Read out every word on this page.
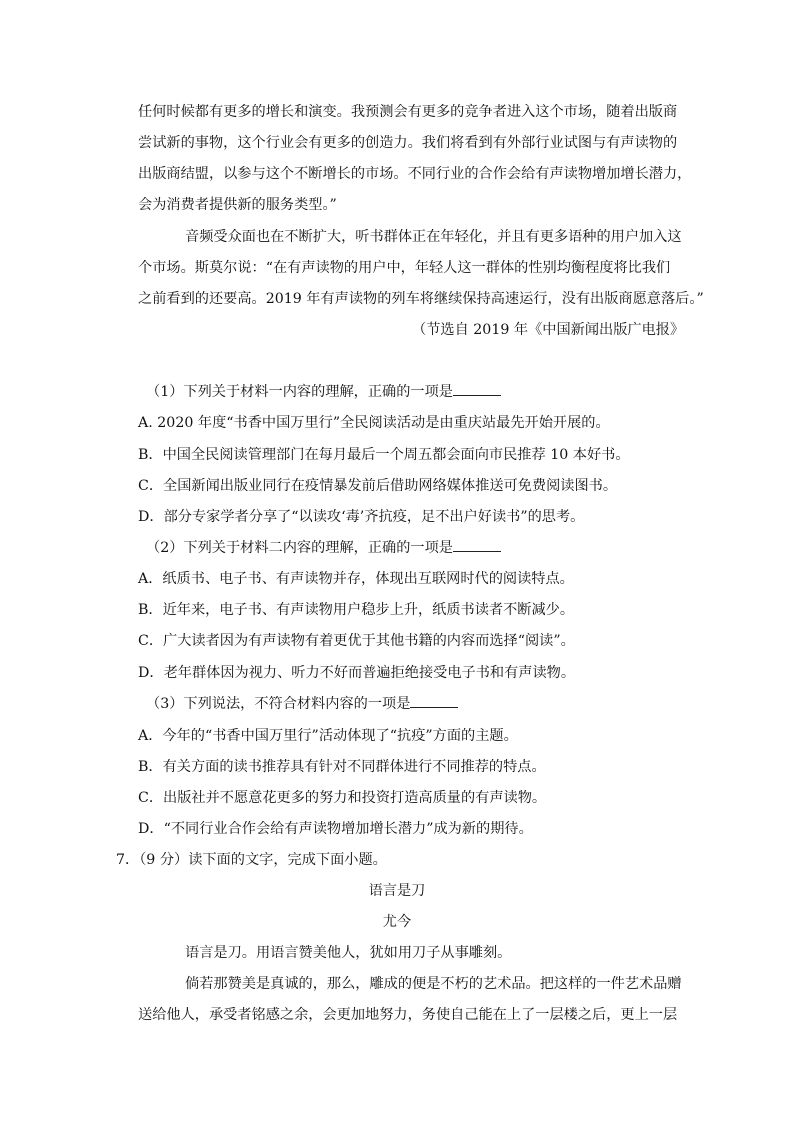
任何时候都有更多的增长和演变。我预测会有更多的竞争者进入这个市场，随着出版商
尝试新的事物，这个行业会有更多的创造力。我们将看到有外部行业试图与有声读物的
出版商结盟，以参与这个不断增长的市场。不同行业的合作会给有声读物增加增长潜力，
会为消费者提供新的服务类型。”
音频受众面也在不断扩大，听书群体正在年轻化，并且有更多语种的用户加入这
个市场。斯莫尔说：“在有声读物的用户中，年轻人这一群体的性别均衡程度将比我们
之前看到的还要高。2019 年有声读物的列车将继续保持高速运行，没有出版商愿意落后。”
（节选自 2019 年《中国新闻出版广电报》
（1）下列关于材料一内容的理解，正确的一项是
A. 2020 年度“书香中国万里行”全民阅读活动是由重庆站最先开始开展的。
B．中国全民阅读管理部门在每月最后一个周五都会面向市民推荐 10 本好书。
C．全国新闻出版业同行在疫情暴发前后借助网络媒体推送可免费阅读图书。
D．部分专家学者分享了“以读攻‘毒’齐抗疫，足不出户好读书”的思考。
（2）下列关于材料二内容的理解，正确的一项是
A．纸质书、电子书、有声读物并存，体现出互联网时代的阅读特点。
B．近年来，电子书、有声读物用户稳步上升，纸质书读者不断减少。
C．广大读者因为有声读物有着更优于其他书籍的内容而选择“阅读”。
D．老年群体因为视力、听力不好而普遍拒绝接受电子书和有声读物。
（3）下列说法，不符合材料内容的一项是
A．今年的“书香中国万里行”活动体现了“抗疫”方面的主题。
B．有关方面的读书推荐具有针对不同群体进行不同推荐的特点。
C．出版社并不愿意花更多的努力和投资打造高质量的有声读物。
D．“不同行业合作会给有声读物增加增长潜力”成为新的期待。
7．（9 分）读下面的文字，完成下面小题。
语言是刀
尤今
语言是刀。用语言赞美他人，犹如用刀子从事雕刻。
倘若那赞美是真诚的，那么，雕成的便是不朽的艺术品。把这样的一件艺术品赠
送给他人，承受者铭感之余，会更加地努力，务使自己能在上了一层楼之后，更上一层
